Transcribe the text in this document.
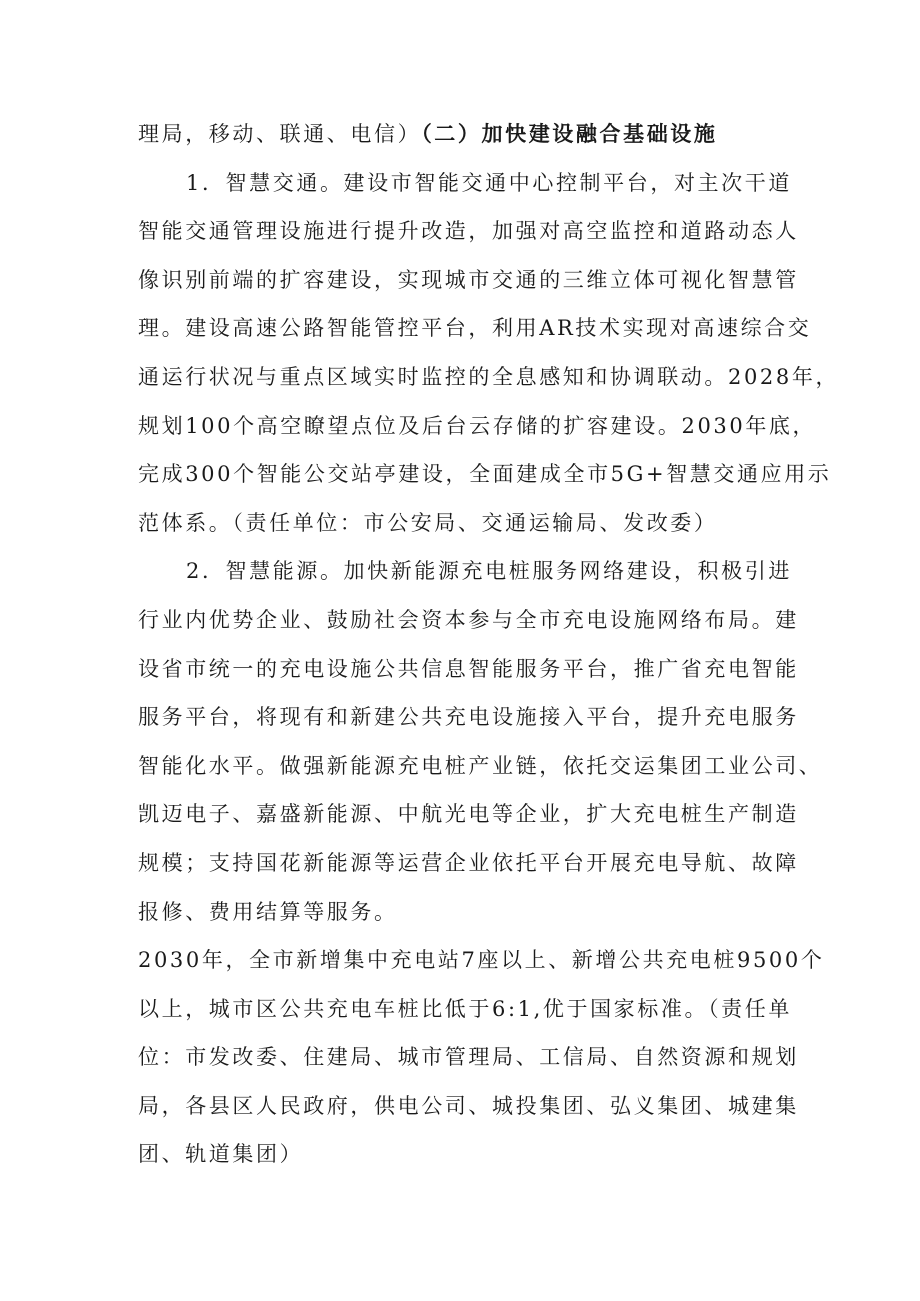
理局，移动、联通、电信）（二）加快建设融合基础设施
1．智慧交通。建设市智能交通中心控制平台，对主次干道
智能交通管理设施进行提升改造，加强对高空监控和道路动态人
像识别前端的扩容建设，实现城市交通的三维立体可视化智慧管
理。建设高速公路智能管控平台，利用AR技术实现对高速综合交
通运行状况与重点区域实时监控的全息感知和协调联动。2028年，
规划100个高空瞭望点位及后台云存储的扩容建设。2030年底，
完成300个智能公交站亭建设，全面建成全市5G+智慧交通应用示
范体系。（责任单位：市公安局、交通运输局、发改委）
2．智慧能源。加快新能源充电桩服务网络建设，积极引进
行业内优势企业、鼓励社会资本参与全市充电设施网络布局。建
设省市统一的充电设施公共信息智能服务平台，推广省充电智能
服务平台，将现有和新建公共充电设施接入平台，提升充电服务
智能化水平。做强新能源充电桩产业链，依托交运集团工业公司、
凯迈电子、嘉盛新能源、中航光电等企业，扩大充电桩生产制造
规模；支持国花新能源等运营企业依托平台开展充电导航、故障
报修、费用结算等服务。
2030年，全市新增集中充电站7座以上、新增公共充电桩9500个
以上，城市区公共充电车桩比低于6:1,优于国家标准。（责任单
位：市发改委、住建局、城市管理局、工信局、自然资源和规划
局，各县区人民政府，供电公司、城投集团、弘义集团、城建集
团、轨道集团）
